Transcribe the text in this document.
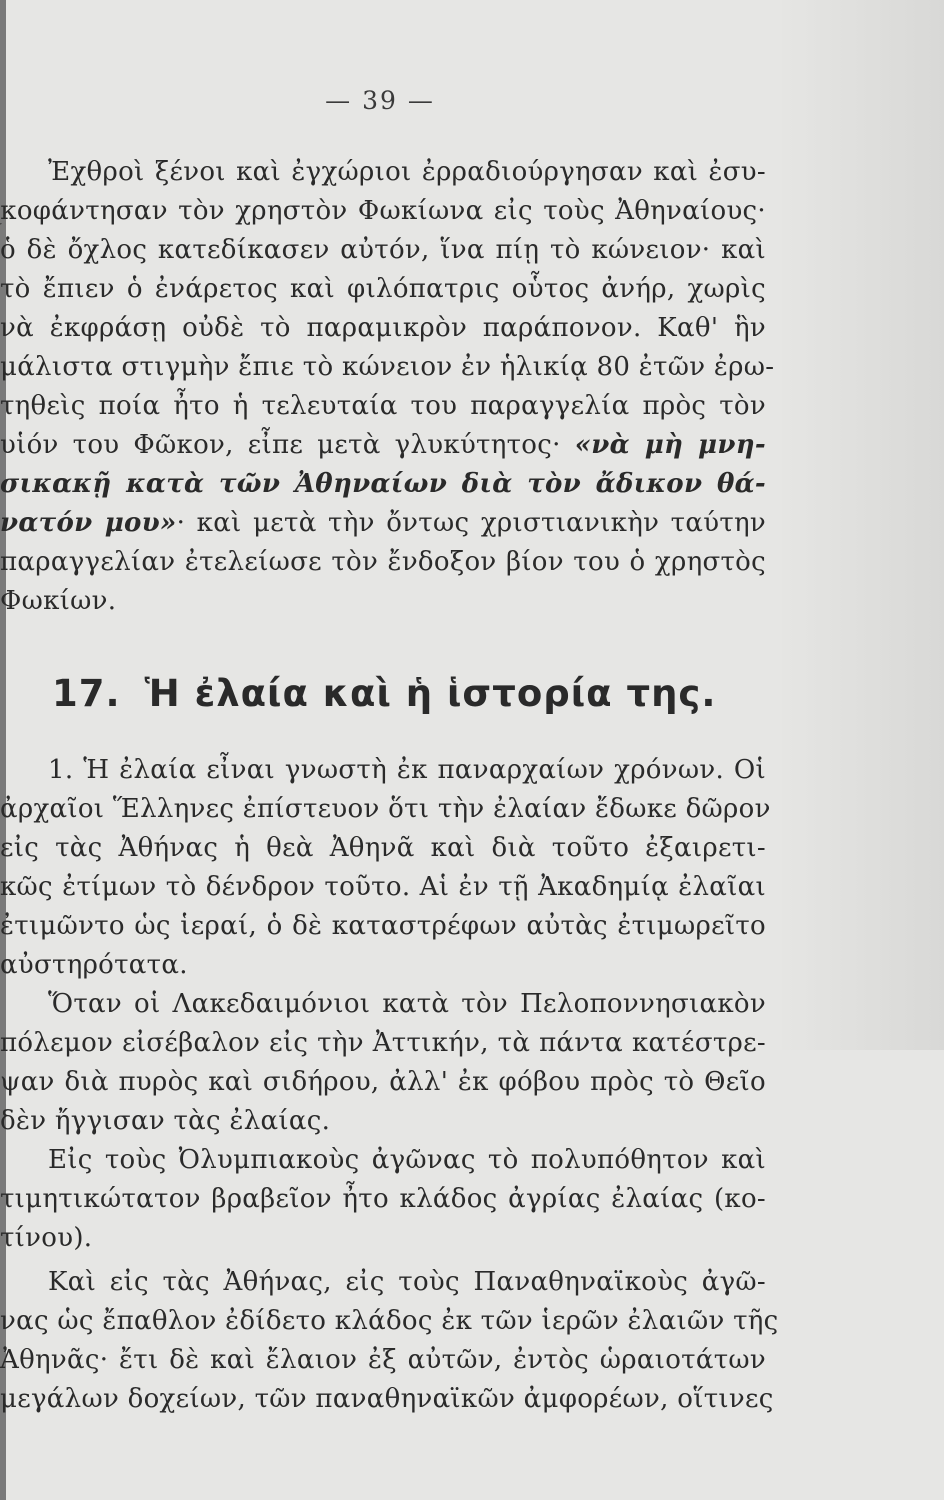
— 39 —
Ἐχθροὶ ξένοι καὶ ἐγχώριοι ἐρραδιούργησαν καὶ ἐσυ-
ͅκοφάντησαν τὸν χρηστὸν Φωκίωνα εἰς τοὺς Ἀθηναίους·
ὁ δὲ ὄχλος κατεδίκασεν αὐτόν, ἵνα πίῃ τὸ κώνειον· καὶ
τὸ ἔπιεν ὁ ἐνάρετος καὶ φιλόπατρις οὗτος ἀνήρ, χωρὶς
νὰ ἐκφράσῃ οὐδὲ τὸ παραμικρὸν παράπονον. Καθ' ἣν
μάλιστα στιγμὴν ἔπιε τὸ κώνειον ἐν ἡλικίᾳ 80 ἐτῶν ἐρω-
τηθεὶς ποία ἦτο ἡ τελευταία του παραγγελία πρὸς τὸν
υἱόν του Φῶκον, εἶπε μετὰ γλυκύτητος· «νὰ μὴ μνη-
σικακῇ κατὰ τῶν Ἀθηναίων διὰ τὸν ἄδικον θά-
νατόν μου»· καὶ μετὰ τὴν ὄντως χριστιανικὴν ταύτην
παραγγελίαν ἐτελείωσε τὸν ἔνδοξον βίον του ὁ χρηστὸς
Φωκίων.
17. Ἡ ἐλαία καὶ ἡ ἱστορία της.
1. Ἡ ἐλαία εἶναι γνωστὴ ἐκ παναρχαίων χρόνων. Οἱ
ἀρχαῖοι Ἕλληνες ἐπίστευον ὅτι τὴν ἐλαίαν ἔδωκε δῶρον
εἰς τὰς Ἀθήνας ἡ θεὰ Ἀθηνᾶ καὶ διὰ τοῦτο ἐξαιρετι-
κῶς ἐτίμων τὸ δένδρον τοῦτο. Αἱ ἐν τῇ Ἀκαδημίᾳ ἐλαῖαι
ἐτιμῶντο ὡς ἱεραί, ὁ δὲ καταστρέφων αὐτὰς ἐτιμωρεῖτο
αὐστηρότατα.
Ὅταν οἱ Λακεδαιμόνιοι κατὰ τὸν Πελοποννησιακὸν
πόλεμον εἰσέβαλον εἰς τὴν Ἀττικήν, τὰ πάντα κατέστρε-
ψαν διὰ πυρὸς καὶ σιδήρου, ἀλλ' ἐκ φόβου πρὸς τὸ Θεῖο
δὲν ἤγγισαν τὰς ἐλαίας.
Εἰς τοὺς Ὀλυμπιακοὺς ἀγῶνας τὸ πολυπόθητον καὶ
τιμητικώτατον βραβεῖον ἦτο κλάδος ἀγρίας ἐλαίας (κο-
τίνου).
Καὶ εἰς τὰς Ἀθήνας, εἰς τοὺς Παναθηναϊκοὺς ἀγῶ-
νας ὡς ἔπαθλον ἐδίδετο κλάδος ἐκ τῶν ἱερῶν ἐλαιῶν τῆς
Ἀθηνᾶς· ἔτι δὲ καὶ ἔλαιον ἐξ αὐτῶν, ἐντὸς ὡραιοτάτων
μεγάλων δοχείων, τῶν παναθηναϊκῶν ἀμφορέων, οἵτινες
